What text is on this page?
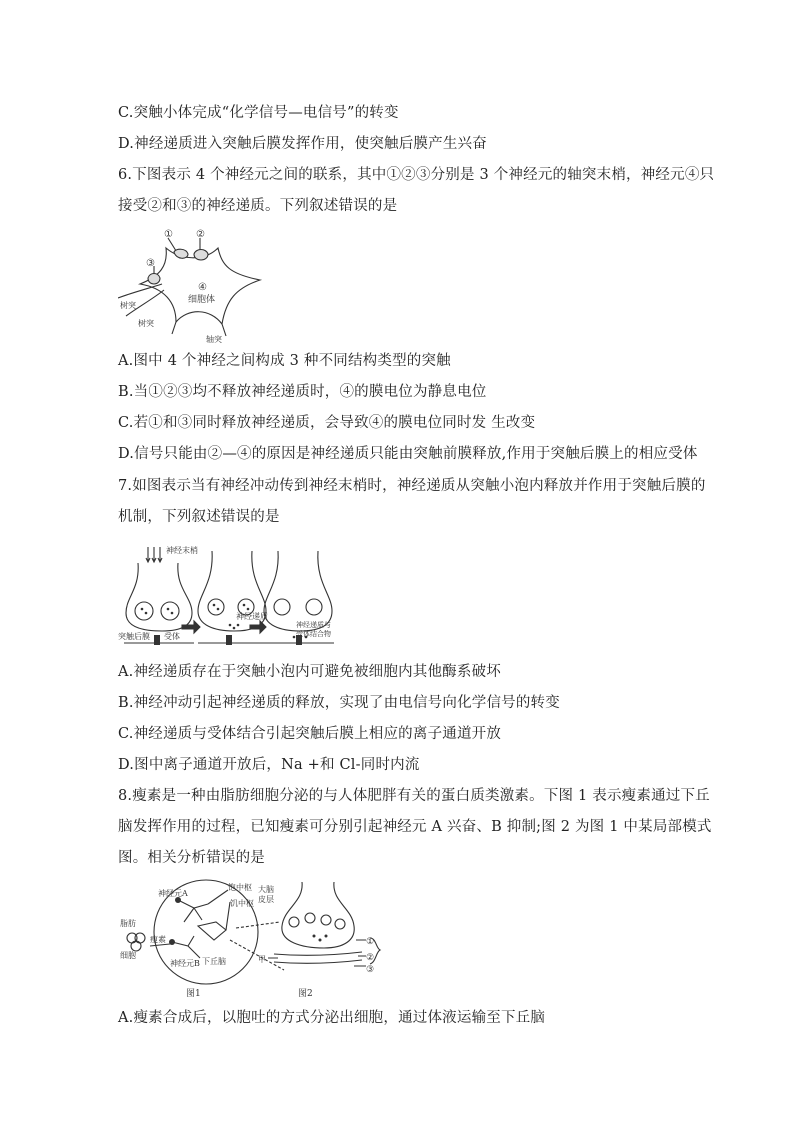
C.突触小体完成“化学信号—电信号”的转变
D.神经递质进入突触后膜发挥作用，使突触后膜产生兴奋
6.下图表示 4 个神经元之间的联系，其中①②③分别是 3 个神经元的轴突末梢，神经元④只
接受②和③的神经递质。下列叙述错误的是
A.图中 4 个神经之间构成 3 种不同结构类型的突触
B.当①②③均不释放神经递质时，④的膜电位为静息电位
C.若①和③同时释放神经递质，会导致④的膜电位同时发 生改变
D.信号只能由②—④的原因是神经递质只能由突触前膜释放,作用于突触后膜上的相应受体
7.如图表示当有神经冲动传到神经末梢时，神经递质从突触小泡内释放并作用于突触后膜的
机制，下列叙述错误的是
A.神经递质存在于突触小泡内可避免被细胞内其他酶系破坏
B.神经冲动引起神经递质的释放，实现了由电信号向化学信号的转变
C.神经递质与受体结合引起突触后膜上相应的离子通道开放
D.图中离子通道开放后，Na +和 Cl-同时内流
8.瘦素是一种由脂肪细胞分泌的与人体肥胖有关的蛋白质类激素。下图 1 表示瘦素通过下丘
脑发挥作用的过程，已知瘦素可分别引起神经元 A 兴奋、B 抑制;图 2 为图 1 中某局部模式
图。相关分析错误的是
A.瘦素合成后，以胞吐的方式分泌出细胞，通过体液运输至下丘脑
① ②
③
④
细胞体
树突
树突
轴突
神经末梢
突触后膜 受体
神经递质
神经递质与
受体结合物
神经元A
神经元B
瘦素
脂肪
细胞
饱中枢
饥中枢
大脑
皮层
下丘脑	甲
①
②
③
图1	图2
